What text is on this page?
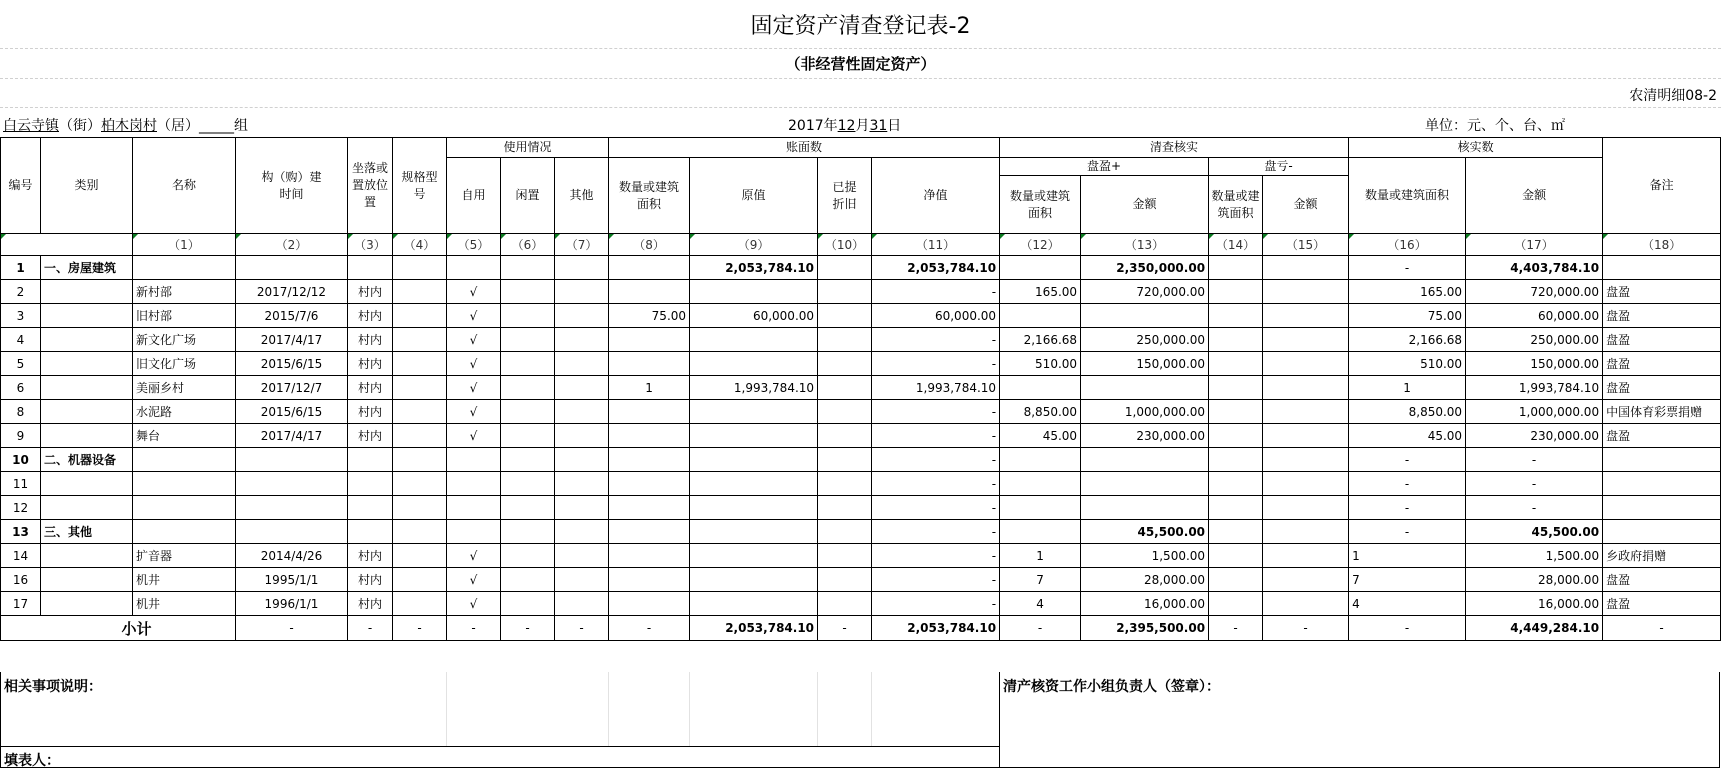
固定资产清查登记表-2
（非经营性固定资产）
农清明细08-2
白云寺镇（街）柏木岗村（居）_____组	2017年12月31日	单位：元、个、台、㎡
编号	类别	名称	构（购）建时间	坐落或置放位置	规格型号	使用情况			账面数				清查核实				核实数		备注
						自用	闲置	其他	数量或建筑面积	原值	已提折旧	净值	盘盈+		盘亏-		数量或建筑面积	金额	
													数量或建筑面积	金额	数量或建筑面积	金额			
		（1）	（2）	（3）	（4）	（5）	（6）	（7）	（8）	（9）	（10）	（11）	（12）	（13）	（14）	（15）	（16）	（17）	（18）
1	一、房屋建筑									2,053,784.10		2,053,784.10		2,350,000.00			-	4,403,784.10	
2		新村部	2017/12/12	村内		√						-	165.00	720,000.00			165.00	720,000.00	盘盈
3		旧村部	2015/7/6	村内		√			75.00	60,000.00		60,000.00					75.00	60,000.00	盘盈
4		新文化广场	2017/4/17	村内		√						-	2,166.68	250,000.00			2,166.68	250,000.00	盘盈
5		旧文化广场	2015/6/15	村内		√						-	510.00	150,000.00			510.00	150,000.00	盘盈
6		美丽乡村	2017/12/7	村内		√			1	1,993,784.10		1,993,784.10					1	1,993,784.10	盘盈
8		水泥路	2015/6/15	村内		√						-	8,850.00	1,000,000.00			8,850.00	1,000,000.00	中国体育彩票捐赠
9		舞台	2017/4/17	村内		√						-	45.00	230,000.00			45.00	230,000.00	盘盈
10	二、机器设备											-					-	-	
11												-					-	-	
12												-					-	-	
13	三、其他											-		45,500.00			-	45,500.00	
14		扩音器	2014/4/26	村内		√						-	1	1,500.00			1	1,500.00	乡政府捐赠
16		机井	1995/1/1	村内		√						-	7	28,000.00			7	28,000.00	盘盈
17		机井	1996/1/1	村内		√						-	4	16,000.00			4	16,000.00	盘盈
小计			-	-	-	-	-	-	-	2,053,784.10	-	2,053,784.10	-	2,395,500.00	-	-	-	4,449,284.10	-
相关事项说明：	清产核资工作小组负责人（签章）：
填表人：
